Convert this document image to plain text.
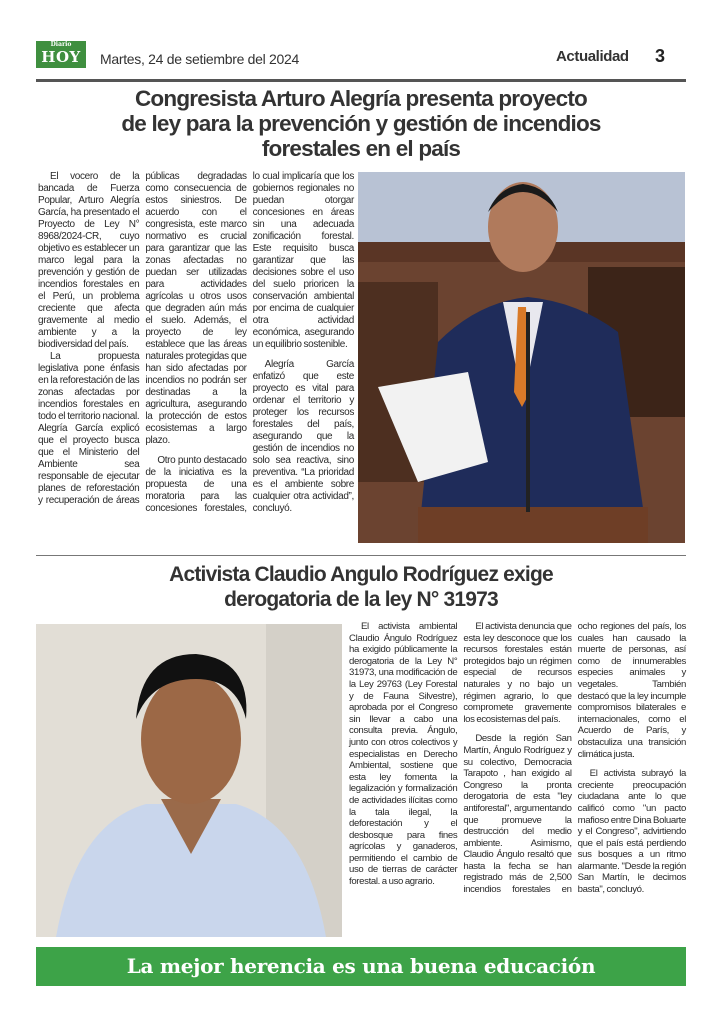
Diario
HOY	Martes, 24 de setiembre del 2024	Actualidad 3
Congresista Arturo Alegría presenta proyecto
de ley para la prevención y gestión de incendios
forestales en el país

El vocero de la bancada de Fuerza Popular, Arturo Alegría García, ha presentado el Proyecto de Ley N° 8968/2024-CR, cuyo objetivo es establecer un marco legal para la prevención y gestión de incendios forestales en el Perú, un problema creciente que afecta gravemente al medio ambiente y a la biodiversidad del país.

La propuesta legislativa pone énfasis en la reforestación de las zonas afectadas por incendios forestales en todo el territorio nacional. Alegría García explicó que el proyecto busca que el Ministerio del Ambiente sea responsable de ejecutar planes de reforestación y recuperación de áreas públicas degradadas como consecuencia de estos siniestros. De acuerdo con el congresista, este marco normativo es crucial para garantizar que las zonas afectadas no puedan ser utilizadas para actividades agrícolas u otros usos que degraden aún más el suelo. Además, el proyecto de ley establece que las áreas naturales protegidas que han sido afectadas por incendios no podrán ser destinadas a la agricultura, asegurando la protección de estos ecosistemas a largo plazo.

Otro punto destacado de la iniciativa es la propuesta de una moratoria para las concesiones forestales, lo cual implicaría que los gobiernos regionales no puedan otorgar concesiones en áreas sin una adecuada zonificación forestal. Este requisito busca garantizar que las decisiones sobre el uso del suelo prioricen la conservación ambiental por encima de cualquier otra actividad económica, asegurando un equilibrio sostenible.

Alegría García enfatizó que este proyecto es vital para ordenar el territorio y proteger los recursos forestales del país, asegurando que la gestión de incendios no solo sea reactiva, sino preventiva. “La prioridad es el ambiente sobre cualquier otra actividad”, concluyó.

Activista Claudio Angulo Rodríguez exige
derogatoria de la ley N° 31973

El activista ambiental Claudio Ángulo Rodríguez ha exigido públicamente la derogatoria de la Ley N° 31973, una modificación de la Ley 29763 (Ley Forestal y de Fauna Silvestre), aprobada por el Congreso sin llevar a cabo una consulta previa. Ángulo, junto con otros colectivos y especialistas en Derecho Ambiental, sostiene que esta ley fomenta la legalización y formalización de actividades ilícitas como la tala ilegal, la deforestación y el desbosque para fines agrícolas y ganaderos, permitiendo el cambio de uso de tierras de carácter forestal. a uso agrario.

El activista denuncia que esta ley desconoce que los recursos forestales están protegidos bajo un régimen especial de recursos naturales y no bajo un régimen agrario, lo que compromete gravemente los ecosistemas del país.

Desde la región San Martín, Ángulo Rodríguez y su colectivo, Democracia Tarapoto , han exigido al Congreso la pronta derogatoria de esta "ley antiforestal", argumentando que promueve la destrucción del medio ambiente. Asimismo, Claudio Ángulo resaltó que hasta la fecha se han registrado más de 2,500 incendios forestales en ocho regiones del país, los cuales han causado la muerte de personas, así como de innumerables especies animales y vegetales. También destacó que la ley incumple compromisos bilaterales e internacionales, como el Acuerdo de París, y obstaculiza una transición climática justa.

El activista subrayó la creciente preocupación ciudadana ante lo que calificó como "un pacto mafioso entre Dina Boluarte y el Congreso", advirtiendo que el país está perdiendo sus bosques a un ritmo alarmante. "Desde la región San Martín, le decimos basta", concluyó.

La mejor herencia es una buena educación
